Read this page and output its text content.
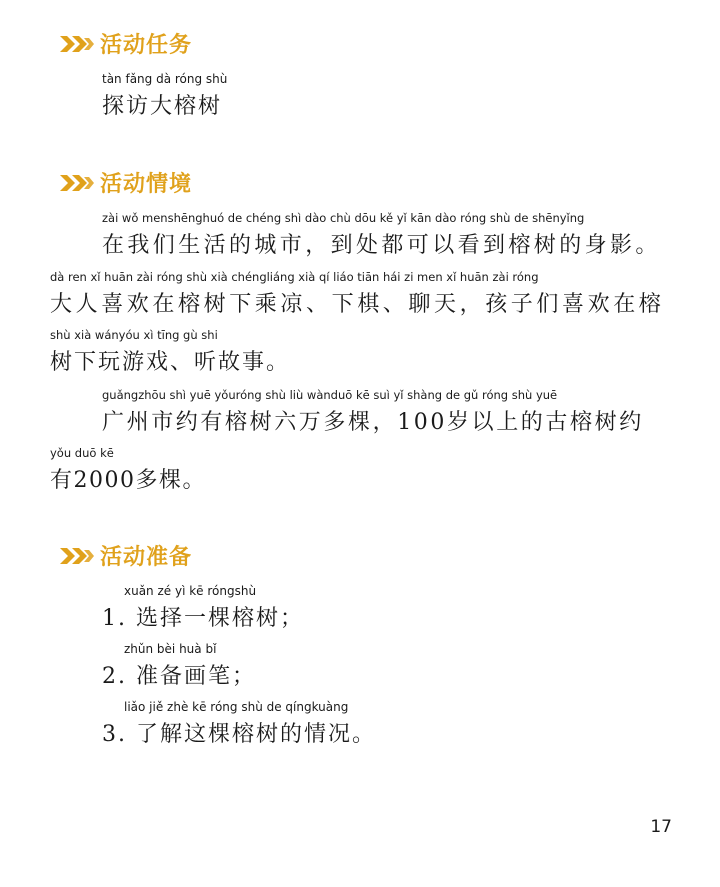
活动任务
tàn fǎng dà róng shù
探访大榕树
活动情境
zài wǒ menshēnghuó de chéng shì dào chù dōu kě yǐ kān dào róng shù de shēnyǐng
在我们生活的城市，到处都可以看到榕树的身影。
dà ren xǐ huān zài róng shù xià chéngliáng xià qí liáo tiān hái zi men xǐ huān zài róng
大人喜欢在榕树下乘凉、下棋、聊天，孩子们喜欢在榕
shù xià wányóu xì tīng gù shi
树下玩游戏、听故事。
guǎngzhōu shì yuē yǒuróng shù liù wànduō kē suì yǐ shàng de gǔ róng shù yuē
广州市约有榕树六万多棵，100岁以上的古榕树约
yǒu duō kē
有2000多棵。
活动准备
xuǎn zé yì kē róngshù
1. 选择一棵榕树；
zhǔn bèi huà bǐ
2. 准备画笔；
liǎo jiě zhè kē róng shù de qíngkuàng
3. 了解这棵榕树的情况。
17
